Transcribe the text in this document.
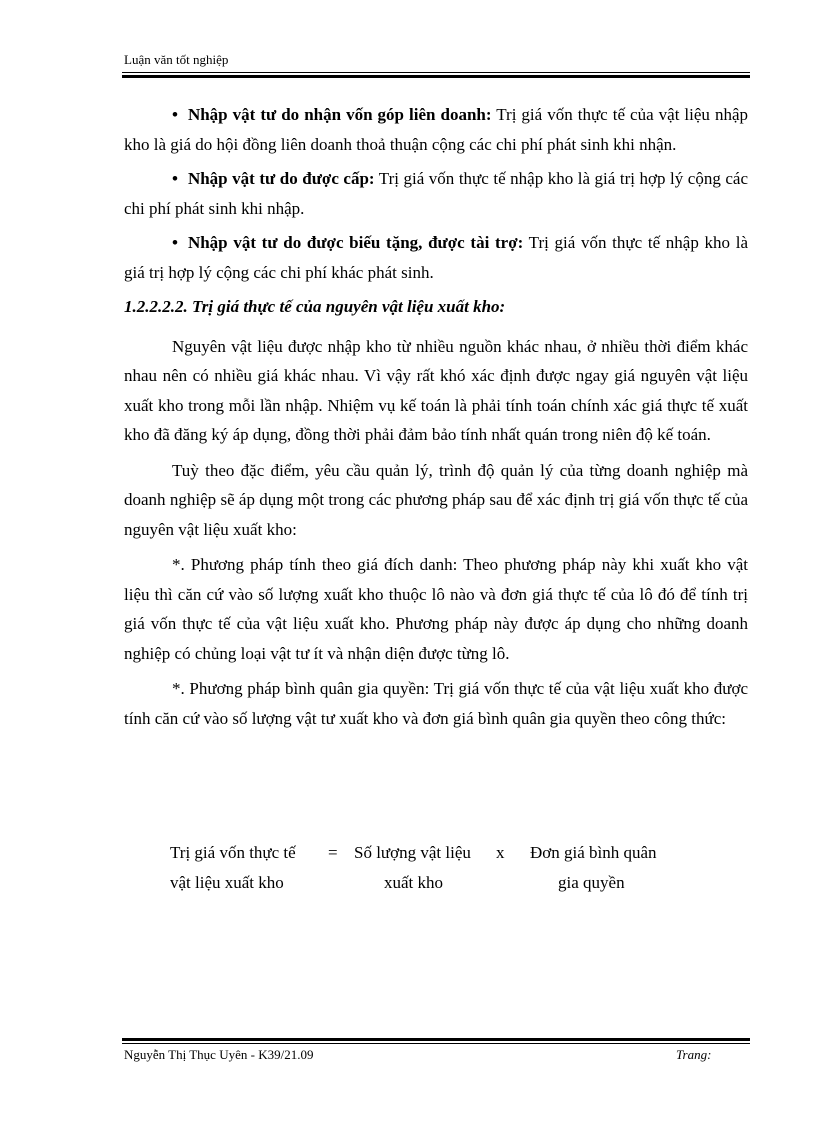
Luận văn tốt nghiệp

• Nhập vật tư do nhận vốn góp liên doanh: Trị giá vốn thực tế của vật liệu nhập kho là giá do hội đồng liên doanh thoả thuận cộng các chi phí phát sinh khi nhận.

• Nhập vật tư do được cấp: Trị giá vốn thực tế nhập kho là giá trị hợp lý cộng các chi phí phát sinh khi nhập.

• Nhập vật tư do được biếu tặng, được tài trợ: Trị giá vốn thực tế nhập kho là giá trị hợp lý cộng các chi phí khác phát sinh.

1.2.2.2.2. Trị giá thực tế của nguyên vật liệu xuất kho:

Nguyên vật liệu được nhập kho từ nhiều nguồn khác nhau, ở nhiều thời điểm khác nhau nên có nhiều giá khác nhau. Vì vậy rất khó xác định được ngay giá nguyên vật liệu xuất kho trong mỗi lần nhập. Nhiệm vụ kế toán là phải tính toán chính xác giá thực tế xuất kho đã đăng ký áp dụng, đồng thời phải đảm bảo tính nhất quán trong niên độ kế toán.

Tuỳ theo đặc điểm, yêu cầu quản lý, trình độ quản lý của từng doanh nghiệp mà doanh nghiệp sẽ áp dụng một trong các phương pháp sau để xác định trị giá vốn thực tế của nguyên vật liệu xuất kho:

*. Phương pháp tính theo giá đích danh: Theo phương pháp này khi xuất kho vật liệu thì căn cứ vào số lượng xuất kho thuộc lô nào và đơn giá thực tế của lô đó để tính trị giá vốn thực tế của vật liệu xuất kho. Phương pháp này được áp dụng cho những doanh nghiệp có chủng loại vật tư ít và nhận diện được từng lô.

*. Phương pháp bình quân gia quyền: Trị giá vốn thực tế của vật liệu xuất kho được tính căn cứ vào số lượng vật tư xuất kho và đơn giá bình quân gia quyền theo công thức:

Trị giá vốn thực tế
vật liệu xuất kho
= Số lượng vật liệu
xuất kho
x Đơn giá bình quân
gia quyền
Nguyễn Thị Thục Uyên - K39/21.09	Trang:
